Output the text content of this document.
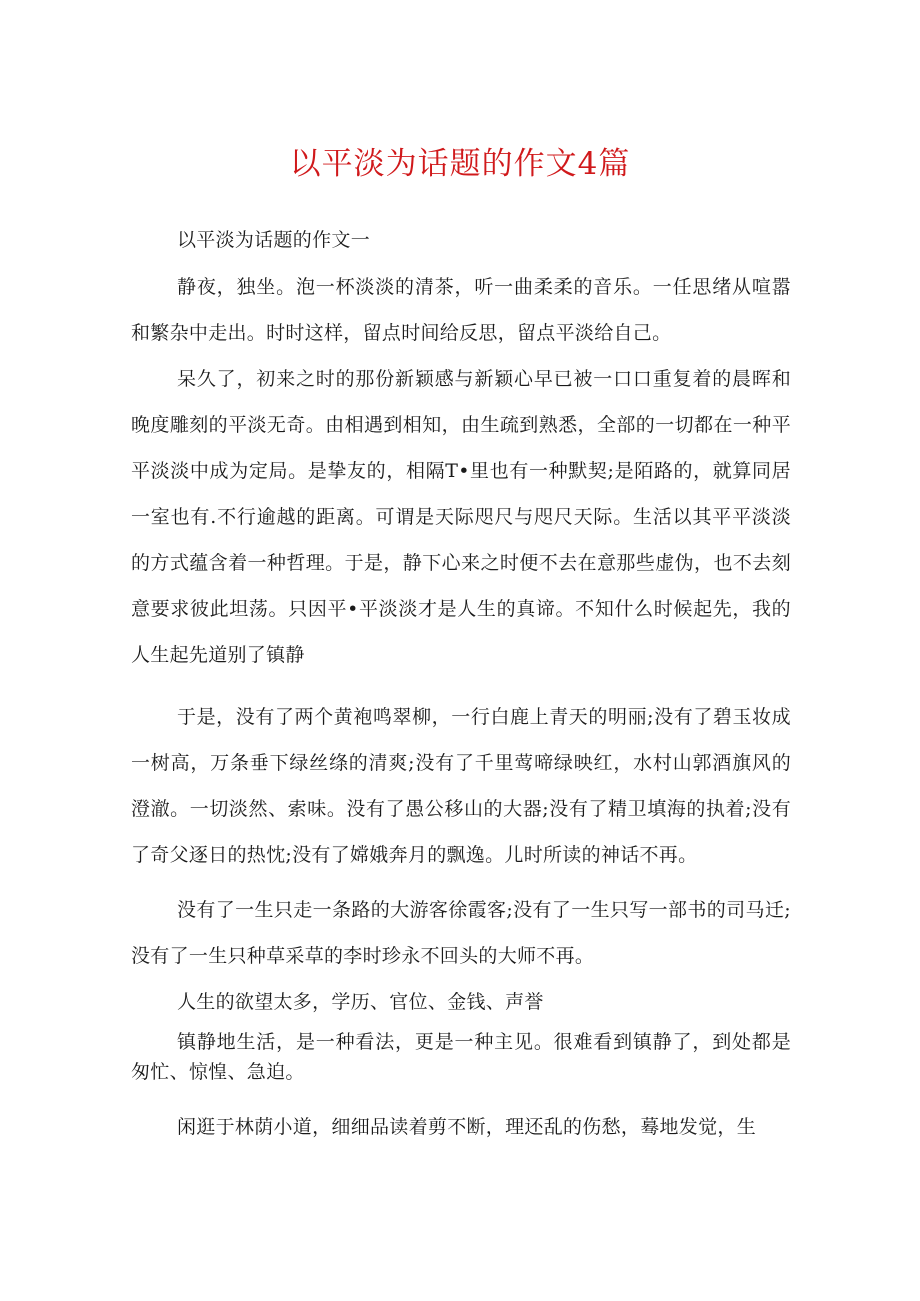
以平淡为话题的作文4篇

以平淡为话题的作文一

静夜，独坐。泡一杯淡淡的清茶，听一曲柔柔的音乐。一任思绪从喧嚣和繁杂中走出。时时这样，留点时间给反思，留点平淡给自己。

呆久了，初来之时的那份新颖感与新颖心早已被一口口重复着的晨晖和晚度雕刻的平淡无奇。由相遇到相知，由生疏到熟悉，全部的一切都在一种平平淡淡中成为定局。是挚友的，相隔T•里也有一种默契;是陌路的，就算同居一室也有.不行逾越的距离。可谓是天际咫尺与咫尺天际。生活以其平平淡淡的方式蕴含着一种哲理。于是，静下心来之时便不去在意那些虚伪，也不去刻意要求彼此坦荡。只因平•平淡淡才是人生的真谛。不知什么时候起先，我的人生起先道别了镇静

于是，没有了两个黄袍鸣翠柳，一行白鹿上青天的明丽;没有了碧玉妆成一树高，万条垂下绿丝绦的清爽;没有了千里莺啼绿映红，水村山郭酒旗风的澄澈。一切淡然、索味。没有了愚公移山的大器;没有了精卫填海的执着;没有了奇父逐日的热忱;没有了嫦娥奔月的飘逸。儿时所读的神话不再。

没有了一生只走一条路的大游客徐霞客;没有了一生只写一部书的司马迁;没有了一生只种草采草的李时珍永不回头的大师不再。

人生的欲望太多，学历、官位、金钱、声誉

镇静地生活，是一种看法，更是一种主见。很难看到镇静了，到处都是匆忙、惊惶、急迫。

闲逛于林荫小道，细细品读着剪不断，理还乱的伤愁，蓦地发觉，生
